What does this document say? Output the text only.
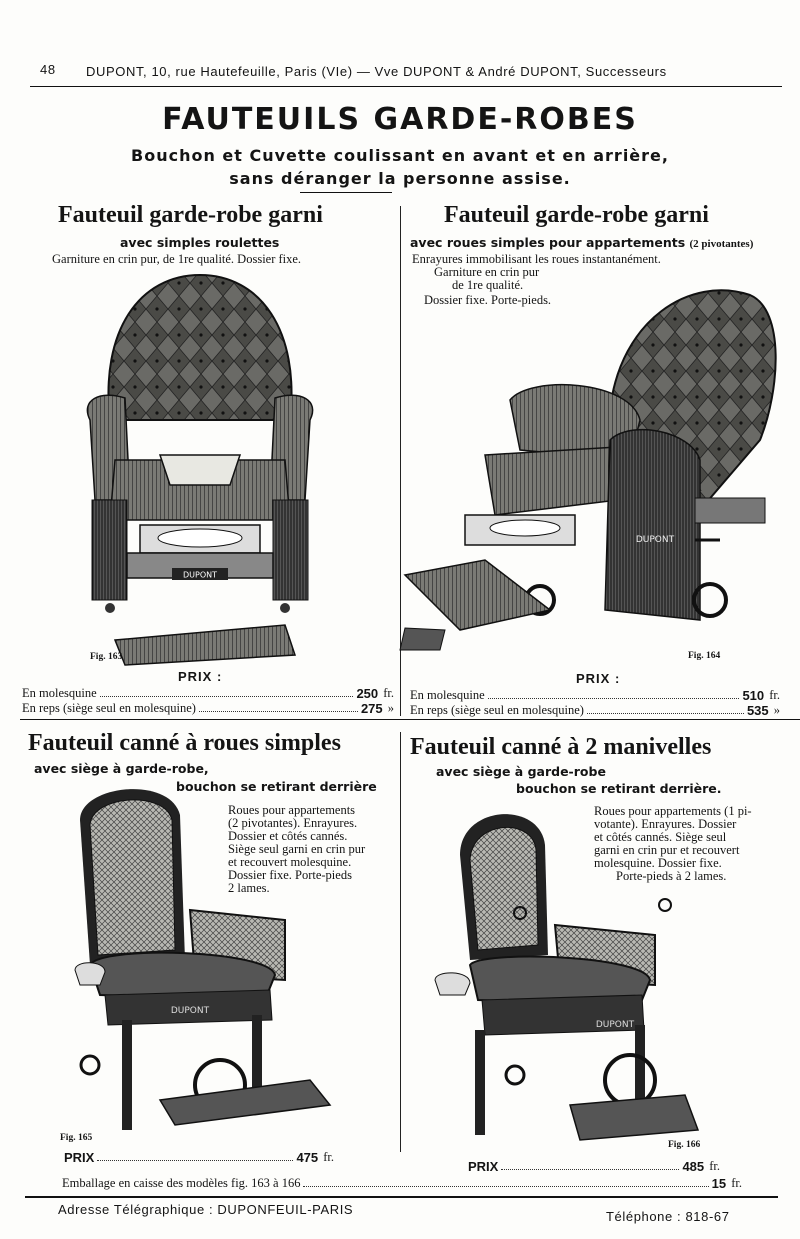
48 DUPONT, 10, rue Hautefeuille, Paris (VIe) — Vve DUPONT & André DUPONT, Successeurs
FAUTEUILS GARDE-ROBES
Bouchon et Cuvette coulissant en avant et en arrière,
sans déranger la personne assise.
Fauteuil garde-robe garni
avec simples roulettes
Garniture en crin pur, de 1re qualité. Dossier fixe.
DUPONT
Fig. 163
PRIX :
En molesquine	250
fr.
En reps (siège seul en molesquine)	275
»
Fauteuil garde-robe garni
avec roues simples pour appartements (2 pivotantes)
Enrayures immobilisant les roues instantanément.
Garniture en crin pur
de 1re qualité.
Dossier fixe. Porte-pieds.
DUPONT
Fig. 164
PRIX :
En molesquine	510
fr.
En reps (siège seul en molesquine)	535
»
Fauteuil canné à roues simples
avec siège à garde-robe,
bouchon se retirant derrière
Roues pour appartements
(2 pivotantes). Enrayures.
Dossier et côtés cannés.
Siège seul garni en crin pur
et recouvert molesquine.
Dossier fixe. Porte-pieds
2 lames.
DUPONT
Fig. 165
PRIX	475
fr.
Fauteuil canné à 2 manivelles
avec siège à garde-robe
bouchon se retirant derrière.
Roues pour appartements (1 pi-
votante). Enrayures. Dossier
et côtés cannés. Siège seul
garni en crin pur et recouvert
molesquine. Dossier fixe.
Porte-pieds à 2 lames.
DUPONT
Fig. 166
PRIX	485
fr.
Emballage en caisse des modèles fig. 163 à 166	15
fr.
Adresse Télégraphique : DUPONFEUIL-PARIS	Téléphone : 818-67
